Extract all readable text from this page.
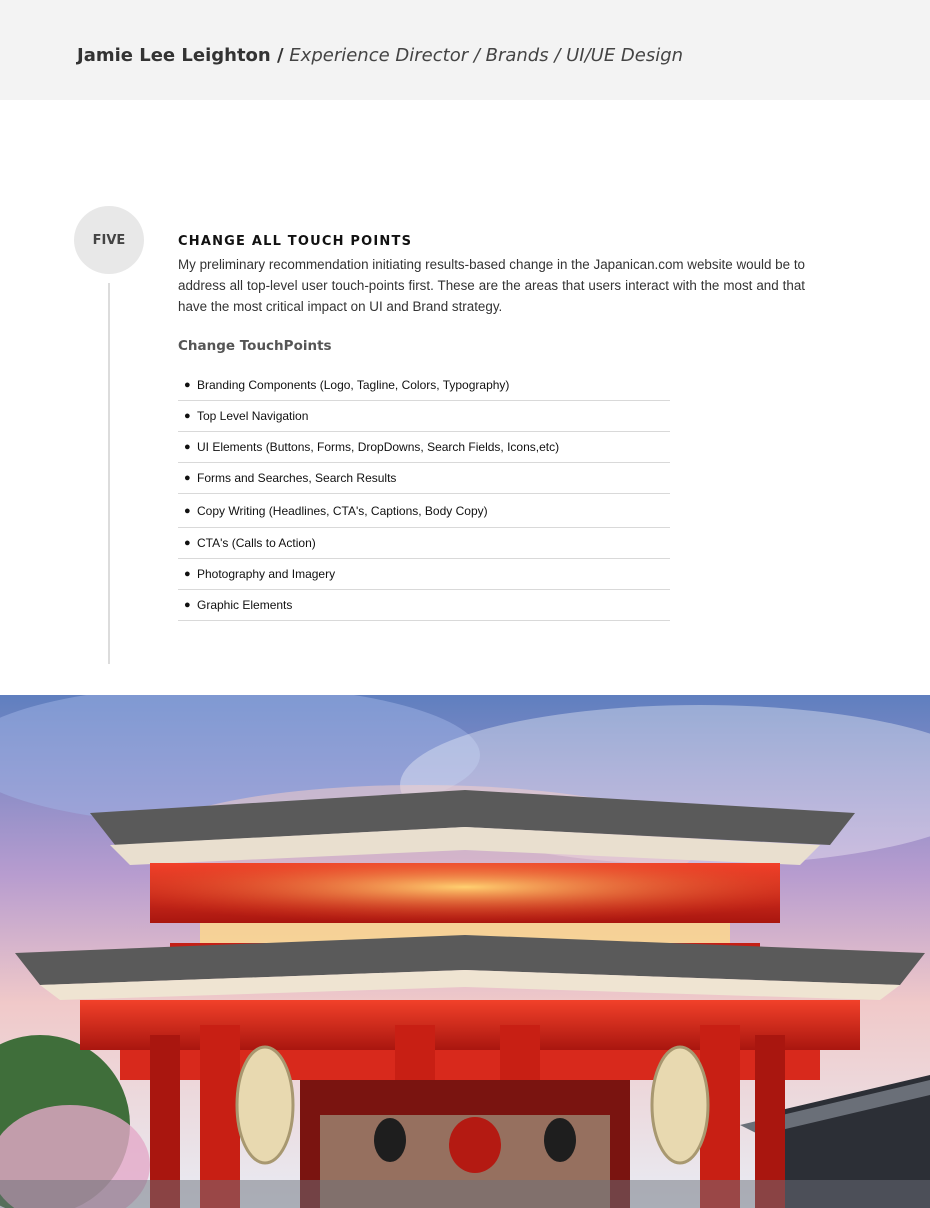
Jamie Lee Leighton / Experience Director / Brands / UI/UE Design
FIVE	CHANGE ALL TOUCH POINTS

My preliminary recommendation initiating results-based change in the Japanican.com website would be to address all top-level user touch-points first. These are the areas that users interact with the most and that have the most critical impact on UI and Brand strategy.

Change TouchPoints
● Branding Components (Logo, Tagline, Colors, Typography)
● Top Level Navigation
● UI Elements (Buttons, Forms, DropDowns, Search Fields, Icons,etc)
● Forms and Searches, Search Results
● Copy Writing (Headlines, CTA's, Captions, Body Copy)
● CTA's (Calls to Action)
● Photography and Imagery
● Graphic Elements
